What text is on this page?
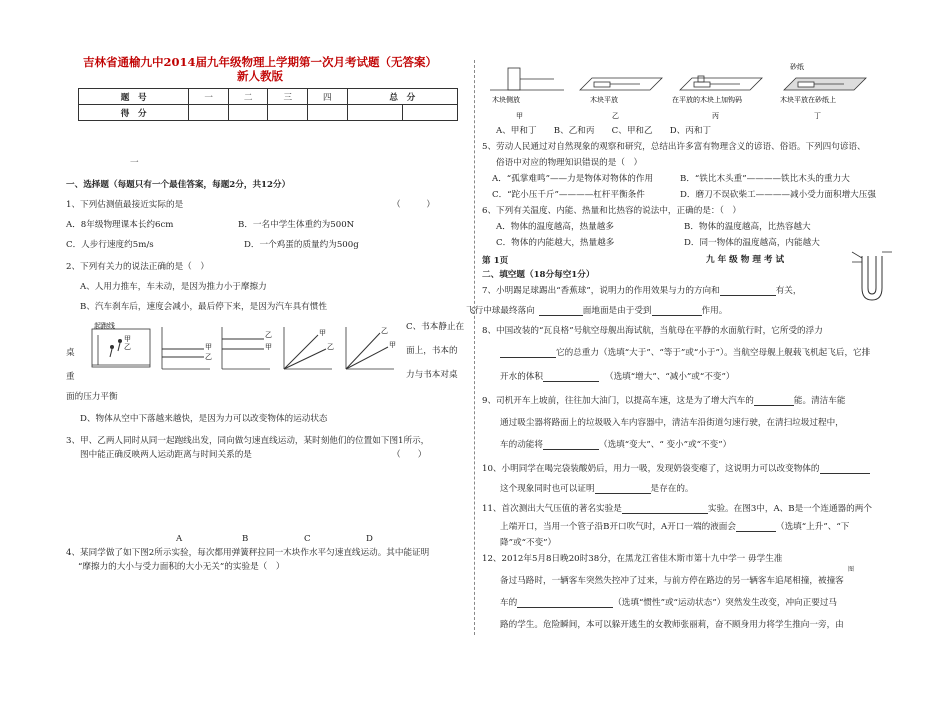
吉林省通榆九中2014届九年级物理上学期第一次月考试题（无答案）
新人教版
题　号	一	二	三	四	总　分	
得　分						
一
一、选择题（每题只有一个最佳答案，每题2分，共12分）
1、下列估测值最接近实际的是	（　　　）
A．8年级物理课本长约6cm	B．一名中学生体重约为500N
C．人步行速度约5m/s	D．一个鸡蛋的质量约为500g
2、下列有关力的说法正确的是（　）
A、人用力推车，车未动，是因为推力小于摩擦力
B、汽车刹车后，速度会减小，最后停下来，是因为汽车具有惯性
起跑线
甲
乙	甲
乙
乙
甲
甲
乙
乙
甲
C、书本静止在
桌	面上，书本的
重	力与书本对桌
面的压力平衡
D、物体从空中下落越来越快，是因为力可以改变物体的运动状态
3、甲、乙两人同时从同一起跑线出发，同向做匀速直线运动，某时刻他们的位置如下图1所示，
图中能正确反映两人运动距离与时间关系的是	（　　）
A	B	C	D
4、某同学做了如下图2所示实验，每次都用弹簧秤拉同一木块作水平匀速直线运动。其中能证明
“摩擦力的大小与受力面积的大小无关”的实验是（　）
木块侧放
甲
木块平放
乙
在平放的木块上加钩码
丙
砂纸
木块平放在砂纸上
丁
A、甲和丁　　B、乙和丙　　C、甲和乙　　D、丙和丁
5、劳动人民通过对自然现象的观察和研究，总结出许多富有物理含义的谚语、俗语。下列四句谚语、
俗语中对应的物理知识错误的是（　）
A．“孤掌难鸣”——力是物体对物体的作用	B．“铁比木头重”————铁比木头的重力大
C．“跎小压千斤”————杠杆平衡条件	D．磨刀不误砍柴工————减小受力面积增大压强
6、下列有关温度、内能、热量和比热容的说法中，正确的是：（　）
A．物体的温度越高，热量越多	B．物体的温度越高，比热容越大
C．物体的内能越大，热量越多	D．同一物体的温度越高，内能越大
九 年 级 物 理 考 试
第 1页
二、填空题（18分每空1分）
7、小明踢足球踢出“香蕉球”，说明力的作用效果与力的方向和	有关，
飞行中球最终落向	面地面是由于受到	作用。
8、中国改装的“瓦良格”号航空母舰出海试航，当航母在平静的水面航行时，它所受的浮力
它的总重力（选填“大于”、“等于”或“小于”）。当航空母舰上舰载飞机起飞后，它排
开水的体积	（选填“增大”、“减小”或“不变”）
9、司机开车上坡前，往往加大油门，以提高车速，这是为了增大汽车的	能。清洁车能
通过吸尘器将路面上的垃圾吸入车内容器中，清洁车沿街道匀速行驶，在清扫垃圾过程中，
车的动能将	（选填“变大”、“ 变小”或“不变”）
10、小明同学在喝完袋装酸奶后，用力一吸，发现奶袋变瘪了，这说明力可以改变物体的
这个现象同时也可以证明	是存在的。
11、首次测出大气压值的著名实验是	实验。在图3中，A、B是一个连通器的两个
上端开口，当用一个管子沿B开口吹气时，A开口一端的液面会	（选填“上升”、“下
降”或“不变”）
12、2012年5月8日晚20时38分，在黑龙江省佳木斯市第十九中学一 毋学生准
图
备过马路时，一辆客车突然失控冲了过来，与前方停在路边的另一辆客车追尾相撞，被撞客
车的	（选填“惯性”或“运动状态”）突然发生改变，冲向正要过马
路的学生。危险瞬间，本可以躲开逃生的女教师张丽莉，奋不顾身用力将学生推向一旁，由
